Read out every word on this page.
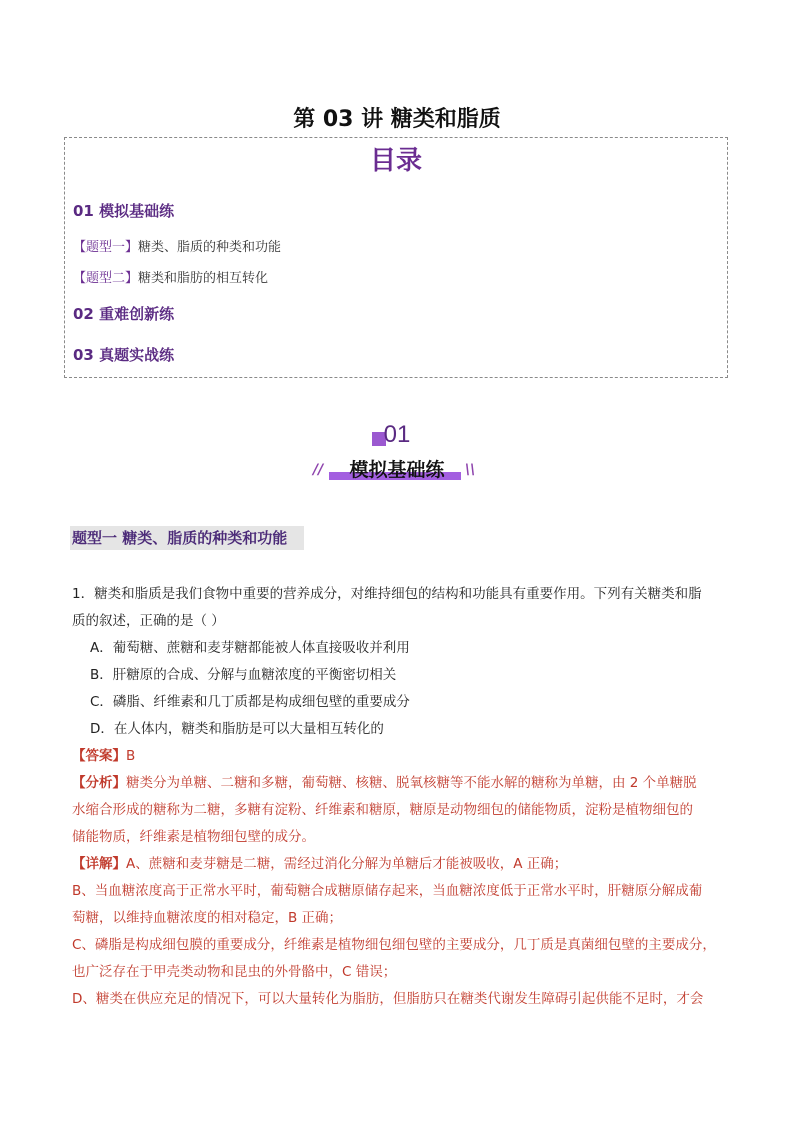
第 03 讲 糖类和脂质
目录
01 模拟基础练
【题型一】糖类、脂质的种类和功能
【题型二】糖类和脂肪的相互转化
02 重难创新练
03 真题实战练
01
//	模拟基础练	\\
题型一 糖类、脂质的种类和功能
1．糖类和脂质是我们食物中重要的营养成分，对维持细包的结构和功能具有重要作用。下列有关糖类和脂
质的叙述，正确的是（ ）
A．葡萄糖、蔗糖和麦芽糖都能被人体直接吸收并利用
B．肝糖原的合成、分解与血糖浓度的平衡密切相关
C．磷脂、纤维素和几丁质都是构成细包壁的重要成分
D．在人体内，糖类和脂肪是可以大量相互转化的
【答案】B
【分析】糖类分为单糖、二糖和多糖，葡萄糖、核糖、脱氧核糖等不能水解的糖称为单糖，由 2 个单糖脱
水缩合形成的糖称为二糖，多糖有淀粉、纤维素和糖原，糖原是动物细包的储能物质，淀粉是植物细包的
储能物质，纤维素是植物细包壁的成分。
【详解】A、蔗糖和麦芽糖是二糖，需经过消化分解为单糖后才能被吸收，A 正确；
B、当血糖浓度高于正常水平时，葡萄糖合成糖原储存起来，当血糖浓度低于正常水平时，肝糖原分解成葡
萄糖，以维持血糖浓度的相对稳定，B 正确；
C、磷脂是构成细包膜的重要成分，纤维素是植物细包细包壁的主要成分，几丁质是真菌细包壁的主要成分，
也广泛存在于甲壳类动物和昆虫的外骨骼中，C 错误；
D、糖类在供应充足的情况下，可以大量转化为脂肪，但脂肪只在糖类代谢发生障碍引起供能不足时，才会
